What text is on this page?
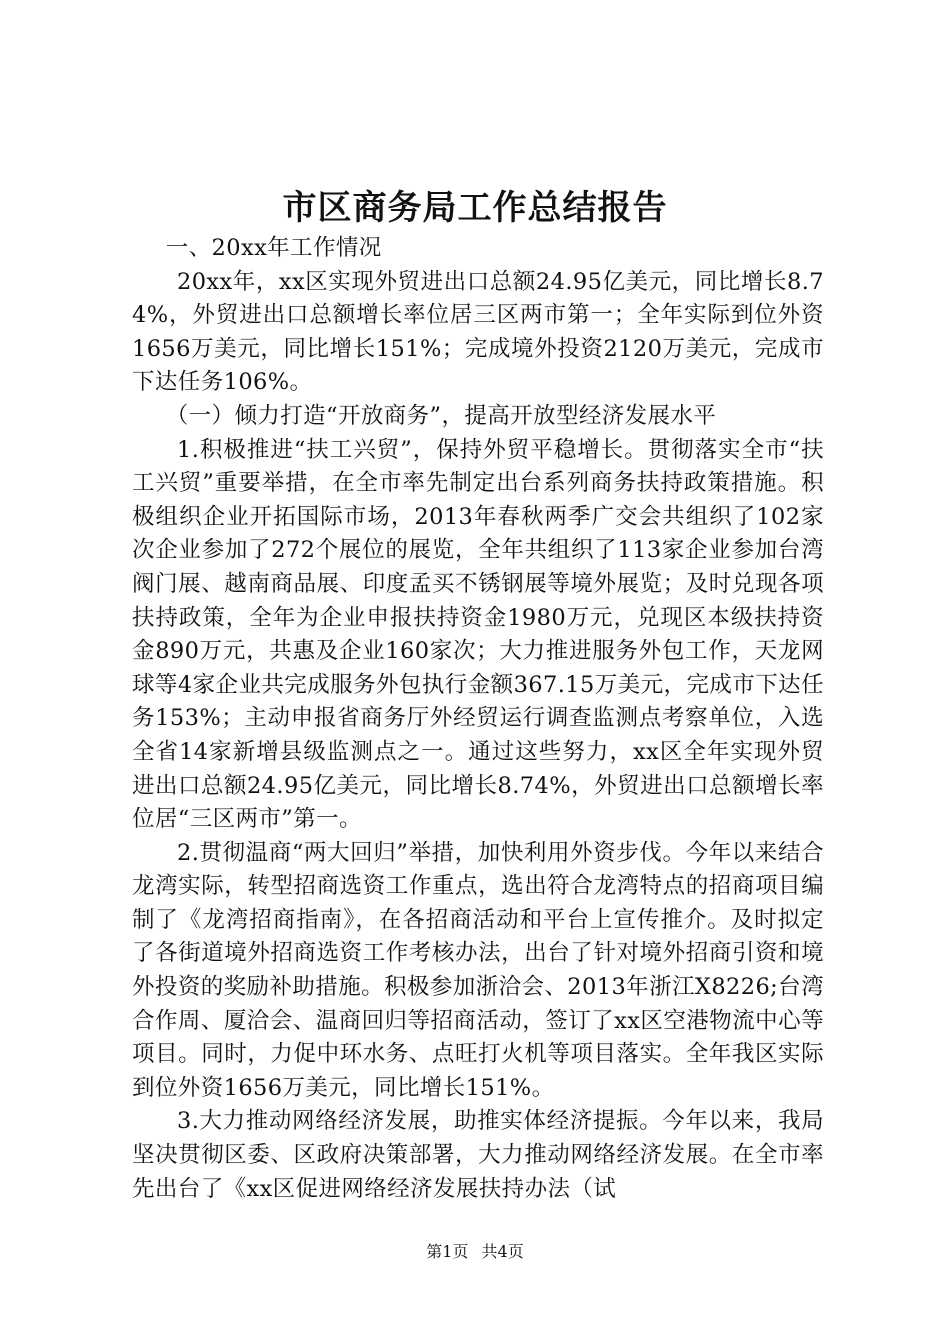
市区商务局工作总结报告

一、20xx年工作情况

20xx年，xx区实现外贸进出口总额24.95亿美元，同比增长8.74%，外贸进出口总额增长率位居三区两市第一；全年实际到位外资1656万美元，同比增长151%；完成境外投资2120万美元，完成市下达任务106%。

（一）倾力打造“开放商务”，提高开放型经济发展水平

1.积极推进“扶工兴贸”，保持外贸平稳增长。贯彻落实全市“扶工兴贸”重要举措，在全市率先制定出台系列商务扶持政策措施。积极组织企业开拓国际市场，2013年春秋两季广交会共组织了102家次企业参加了272个展位的展览，全年共组织了113家企业参加台湾阀门展、越南商品展、印度孟买不锈钢展等境外展览；及时兑现各项扶持政策，全年为企业申报扶持资金1980万元，兑现区本级扶持资金890万元，共惠及企业160家次；大力推进服务外包工作，天龙网球等4家企业共完成服务外包执行金额367.15万美元，完成市下达任务153%；主动申报省商务厅外经贸运行调查监测点考察单位，入选全省14家新增县级监测点之一。通过这些努力，xx区全年实现外贸进出口总额24.95亿美元，同比增长8.74%，外贸进出口总额增长率位居“三区两市”第一。

2.贯彻温商“两大回归”举措，加快利用外资步伐。今年以来结合龙湾实际，转型招商选资工作重点，选出符合龙湾特点的招商项目编制了《龙湾招商指南》，在各招商活动和平台上宣传推介。及时拟定了各街道境外招商选资工作考核办法，出台了针对境外招商引资和境外投资的奖励补助措施。积极参加浙洽会、2013年浙江X8226;台湾合作周、厦洽会、温商回归等招商活动，签订了xx区空港物流中心等项目。同时，力促中环水务、点旺打火机等项目落实。全年我区实际到位外资1656万美元，同比增长151%。

3.大力推动网络经济发展，助推实体经济提振。今年以来，我局坚决贯彻区委、区政府决策部署，大力推动网络经济发展。在全市率先出台了《xx区促进网络经济发展扶持办法（试

第1页 共4页
